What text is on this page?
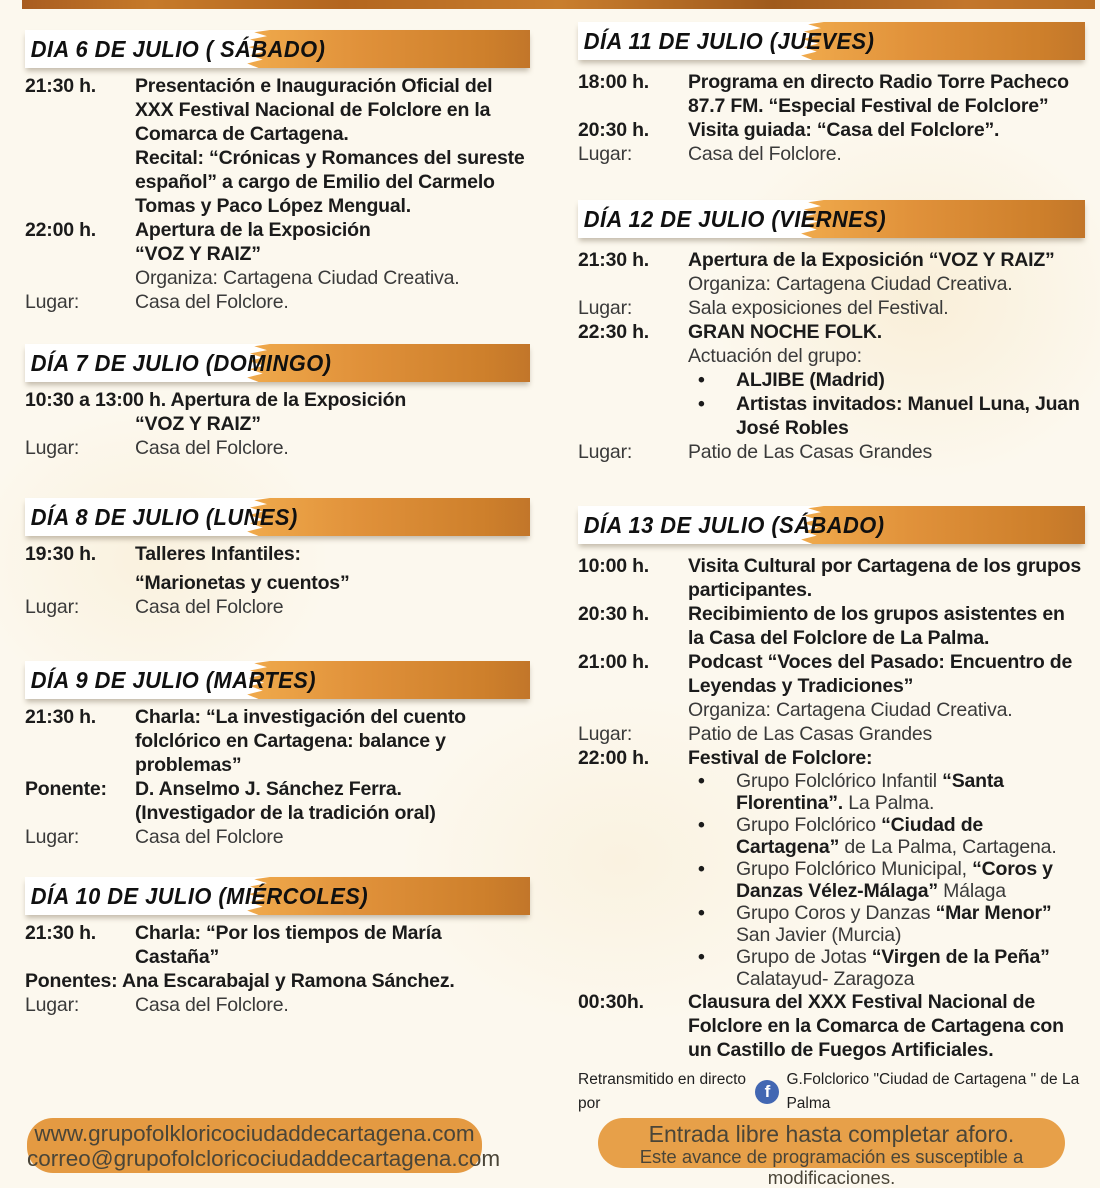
DIA 6 DE JULIO ( SÁBADO)
21:30 h.	Presentación e Inauguración Oficial del XXX Festival Nacional de Folclore en la Comarca de Cartagena.

Recital: “Crónicas y Romances del sureste español” a cargo de Emilio del Carmelo Tomas y Paco López Mengual.

22:00 h.	Apertura de la Exposición

“VOZ Y RAIZ”

Organiza: Cartagena Ciudad Creativa.

Lugar:	Casa del Folclore.

DÍA 7 DE JULIO (DOMINGO)

10:30 a 13:00 h. Apertura de la Exposición

“VOZ Y RAIZ”

Lugar:	Casa del Folclore.

DÍA 8 DE JULIO (LUNES)
19:30 h.	Talleres Infantiles:

“Marionetas y cuentos”

Lugar:	Casa del Folclore

DÍA 9 DE JULIO (MARTES)
21:30 h.	Charla: “La investigación del cuento folclórico en Cartagena: balance y problemas”

Ponente:	D. Anselmo J. Sánchez Ferra.

(Investigador de la tradición oral)

Lugar:	Casa del Folclore

DÍA 10 DE JULIO (MIÉRCOLES)
21:30 h.	Charla: “Por los tiempos de María Castaña”

Ponentes: Ana Escarabajal y Ramona Sánchez.

Lugar:	Casa del Folclore.

DÍA 11 DE JULIO (JUEVES)
18:00 h.	Programa en directo Radio Torre Pacheco 87.7 FM. “Especial Festival de Folclore”

20:30 h.	Visita guiada: “Casa del Folclore”.

Lugar:	Casa del Folclore.

DÍA 12 DE JULIO (VIERNES)
21:30 h.	Apertura de la Exposición “VOZ Y RAIZ”

Organiza: Cartagena Ciudad Creativa.

Lugar:	Sala exposiciones del Festival.

22:30 h.	GRAN NOCHE FOLK.

Actuación del grupo:

• ALJIBE (Madrid)

• Artistas invitados: Manuel Luna, Juan José Robles

Lugar:	Patio de Las Casas Grandes

DÍA 13 DE JULIO (SÁBADO)
10:00 h.	Visita Cultural por Cartagena de los grupos participantes.

20:30 h.	Recibimiento de los grupos asistentes en la Casa del Folclore de La Palma.

21:00 h.	Podcast “Voces del Pasado: Encuentro de Leyendas y Tradiciones”

Organiza: Cartagena Ciudad Creativa.

Lugar:	Patio de Las Casas Grandes

22:00 h.	Festival de Folclore:

• Grupo Folclórico Infantil “Santa Florentina”. La Palma.

• Grupo Folclórico “Ciudad de Cartagena” de La Palma, Cartagena.

• Grupo Folclórico Municipal, “Coros y Danzas Vélez-Málaga” Málaga

• Grupo Coros y Danzas “Mar Menor” San Javier (Murcia)

• Grupo de Jotas “Virgen de la Peña” Calatayud- Zaragoza

00:30h.	Clausura del XXX Festival Nacional de Folclore en la Comarca de Cartagena con un Castillo de Fuegos Artificiales.

Retransmitido en directo por
f
G.Folclorico "Ciudad de Cartagena " de La Palma

www.grupofolkloricociudaddecartagena.com

correo@grupofolcloricociudaddecartagena.com

Entrada libre hasta completar aforo.

Este avance de programación es susceptible a modificaciones.
